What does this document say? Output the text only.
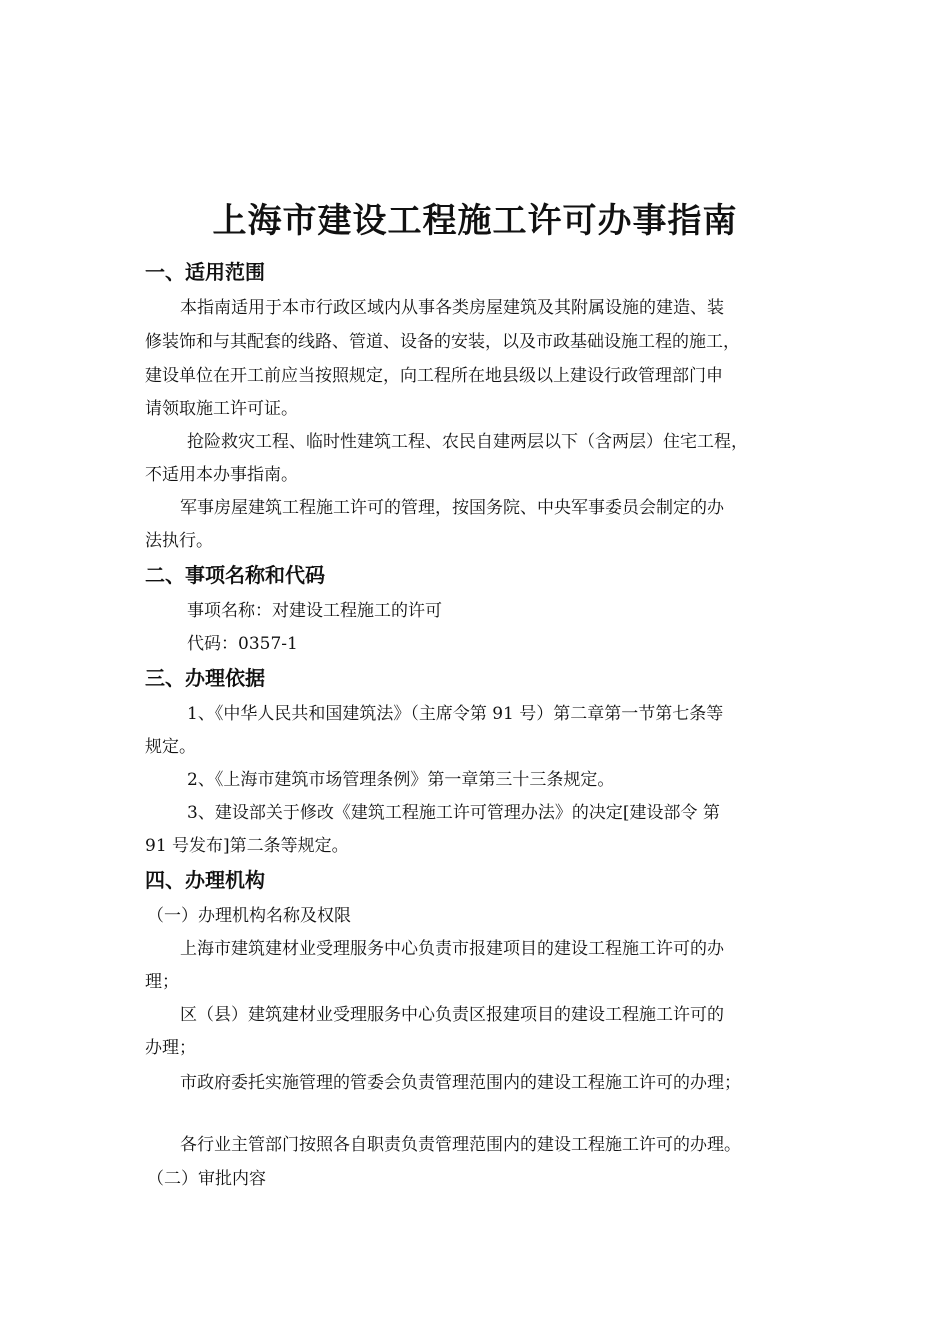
上海市建设工程施工许可办事指南
一、适用范围

本指南适用于本市行政区域内从事各类房屋建筑及其附属设施的建造、装

修装饰和与其配套的线路、管道、设备的安装，以及市政基础设施工程的施工，

建设单位在开工前应当按照规定，向工程所在地县级以上建设行政管理部门申

请领取施工许可证。

抢险救灾工程、临时性建筑工程、农民自建两层以下（含两层）住宅工程，

不适用本办事指南。

军事房屋建筑工程施工许可的管理，按国务院、中央军事委员会制定的办

法执行。

二、事项名称和代码

事项名称：对建设工程施工的许可

代码：0357-1

三、办理依据

1、《中华人民共和国建筑法》（主席令第 91 号）第二章第一节第七条等

规定。

2、《上海市建筑市场管理条例》第一章第三十三条规定。

3、建设部关于修改《建筑工程施工许可管理办法》的决定[建设部令 第

91 号发布]第二条等规定。

四、办理机构

（一）办理机构名称及权限

上海市建筑建材业受理服务中心负责市报建项目的建设工程施工许可的办

理；

区（县）建筑建材业受理服务中心负责区报建项目的建设工程施工许可的

办理；

市政府委托实施管理的管委会负责管理范围内的建设工程施工许可的办理；

各行业主管部门按照各自职责负责管理范围内的建设工程施工许可的办理。

（二）审批内容
